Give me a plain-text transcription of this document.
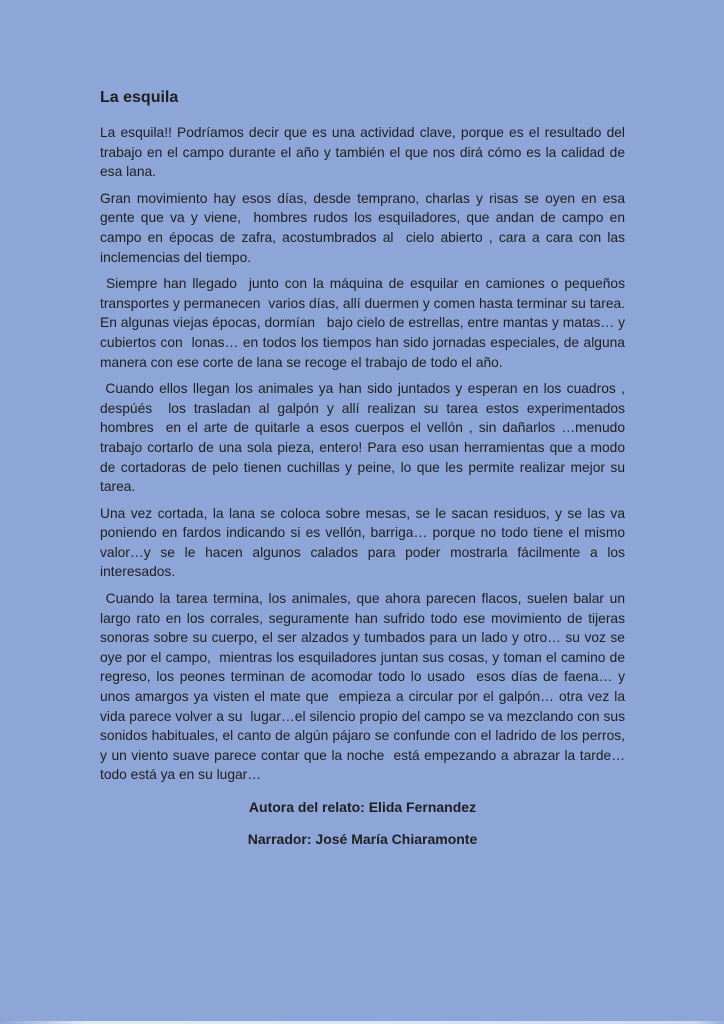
La esquila

La esquila!! Podríamos decir que es una actividad clave, porque es el resultado del trabajo en el campo durante el año y también el que nos dirá cómo es la calidad de esa lana.

Gran movimiento hay esos días, desde temprano, charlas y risas se oyen en esa gente que va y viene,  hombres rudos los esquiladores, que andan de campo en campo en épocas de zafra, acostumbrados al  cielo abierto , cara a cara con las inclemencias del tiempo.

Siempre han llegado  junto con la máquina de esquilar en camiones o pequeños transportes y permanecen  varios días, allí duermen y comen hasta terminar su tarea. En algunas viejas épocas, dormían   bajo cielo de estrellas, entre mantas y matas… y cubiertos con  lonas… en todos los tiempos han sido jornadas especiales, de alguna manera con ese corte de lana se recoge el trabajo de todo el año.

Cuando ellos llegan los animales ya han sido juntados y esperan en los cuadros , despúés  los trasladan al galpón y allí realizan su tarea estos experimentados hombres  en el arte de quitarle a esos cuerpos el vellón , sin dañarlos …menudo trabajo cortarlo de una sola pieza, entero! Para eso usan herramientas que a modo de cortadoras de pelo tienen cuchillas y peine, lo que les permite realizar mejor su tarea.

Una vez cortada, la lana se coloca sobre mesas, se le sacan residuos, y se las va poniendo en fardos indicando si es vellón, barriga… porque no todo tiene el mismo valor…y se le hacen algunos calados para poder mostrarla fácilmente a los interesados.

Cuando la tarea termina, los animales, que ahora parecen flacos, suelen balar un largo rato en los corrales, seguramente han sufrido todo ese movimiento de tijeras sonoras sobre su cuerpo, el ser alzados y tumbados para un lado y otro… su voz se oye por el campo,  mientras los esquiladores juntan sus cosas, y toman el camino de regreso, los peones terminan de acomodar todo lo usado  esos días de faena… y unos amargos ya visten el mate que  empieza a circular por el galpón… otra vez la vida parece volver a su  lugar…el silencio propio del campo se va mezclando con sus sonidos habituales, el canto de algún pájaro se confunde con el ladrido de los perros,  y un viento suave parece contar que la noche  está empezando a abrazar la tarde…  todo está ya en su lugar…

Autora del relato: Elida Fernandez

Narrador: José María Chiaramonte
